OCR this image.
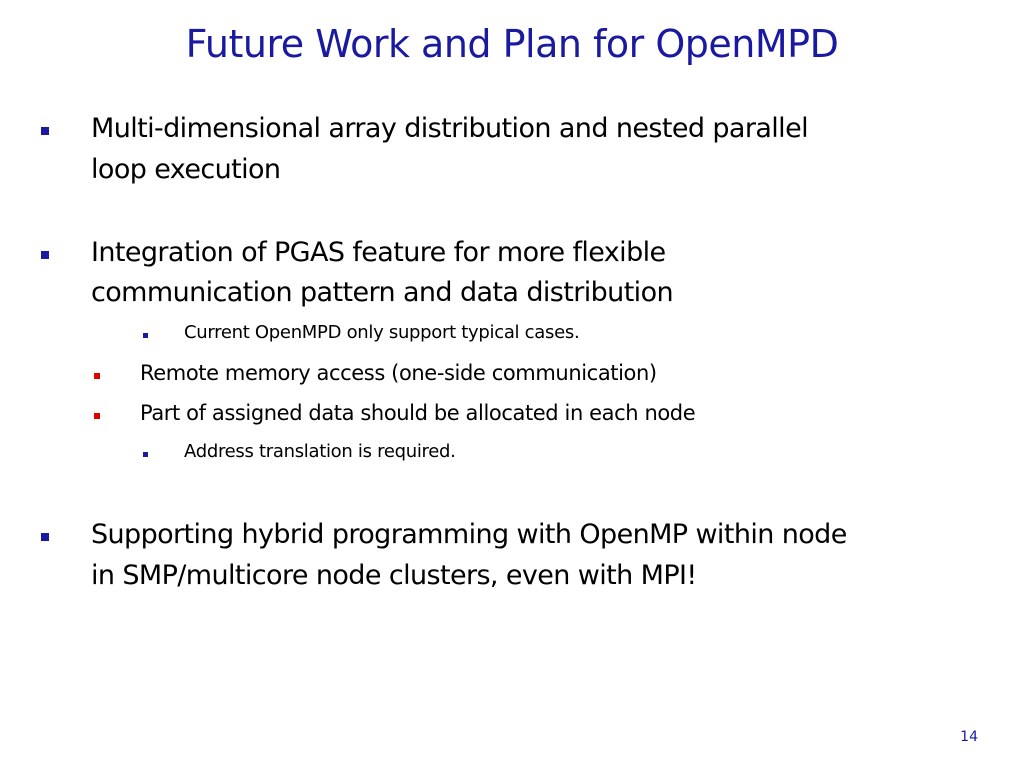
Future Work and Plan for OpenMPD
Multi-dimensional array distribution and nested parallel
loop execution
Integration of PGAS feature for more flexible
communication pattern and data distribution
Current OpenMPD only support typical cases.
Remote memory access (one-side communication)
Part of assigned data should be allocated in each node
Address translation is required.
Supporting hybrid programming with OpenMP within node
in SMP/multicore node clusters, even with MPI!
14
